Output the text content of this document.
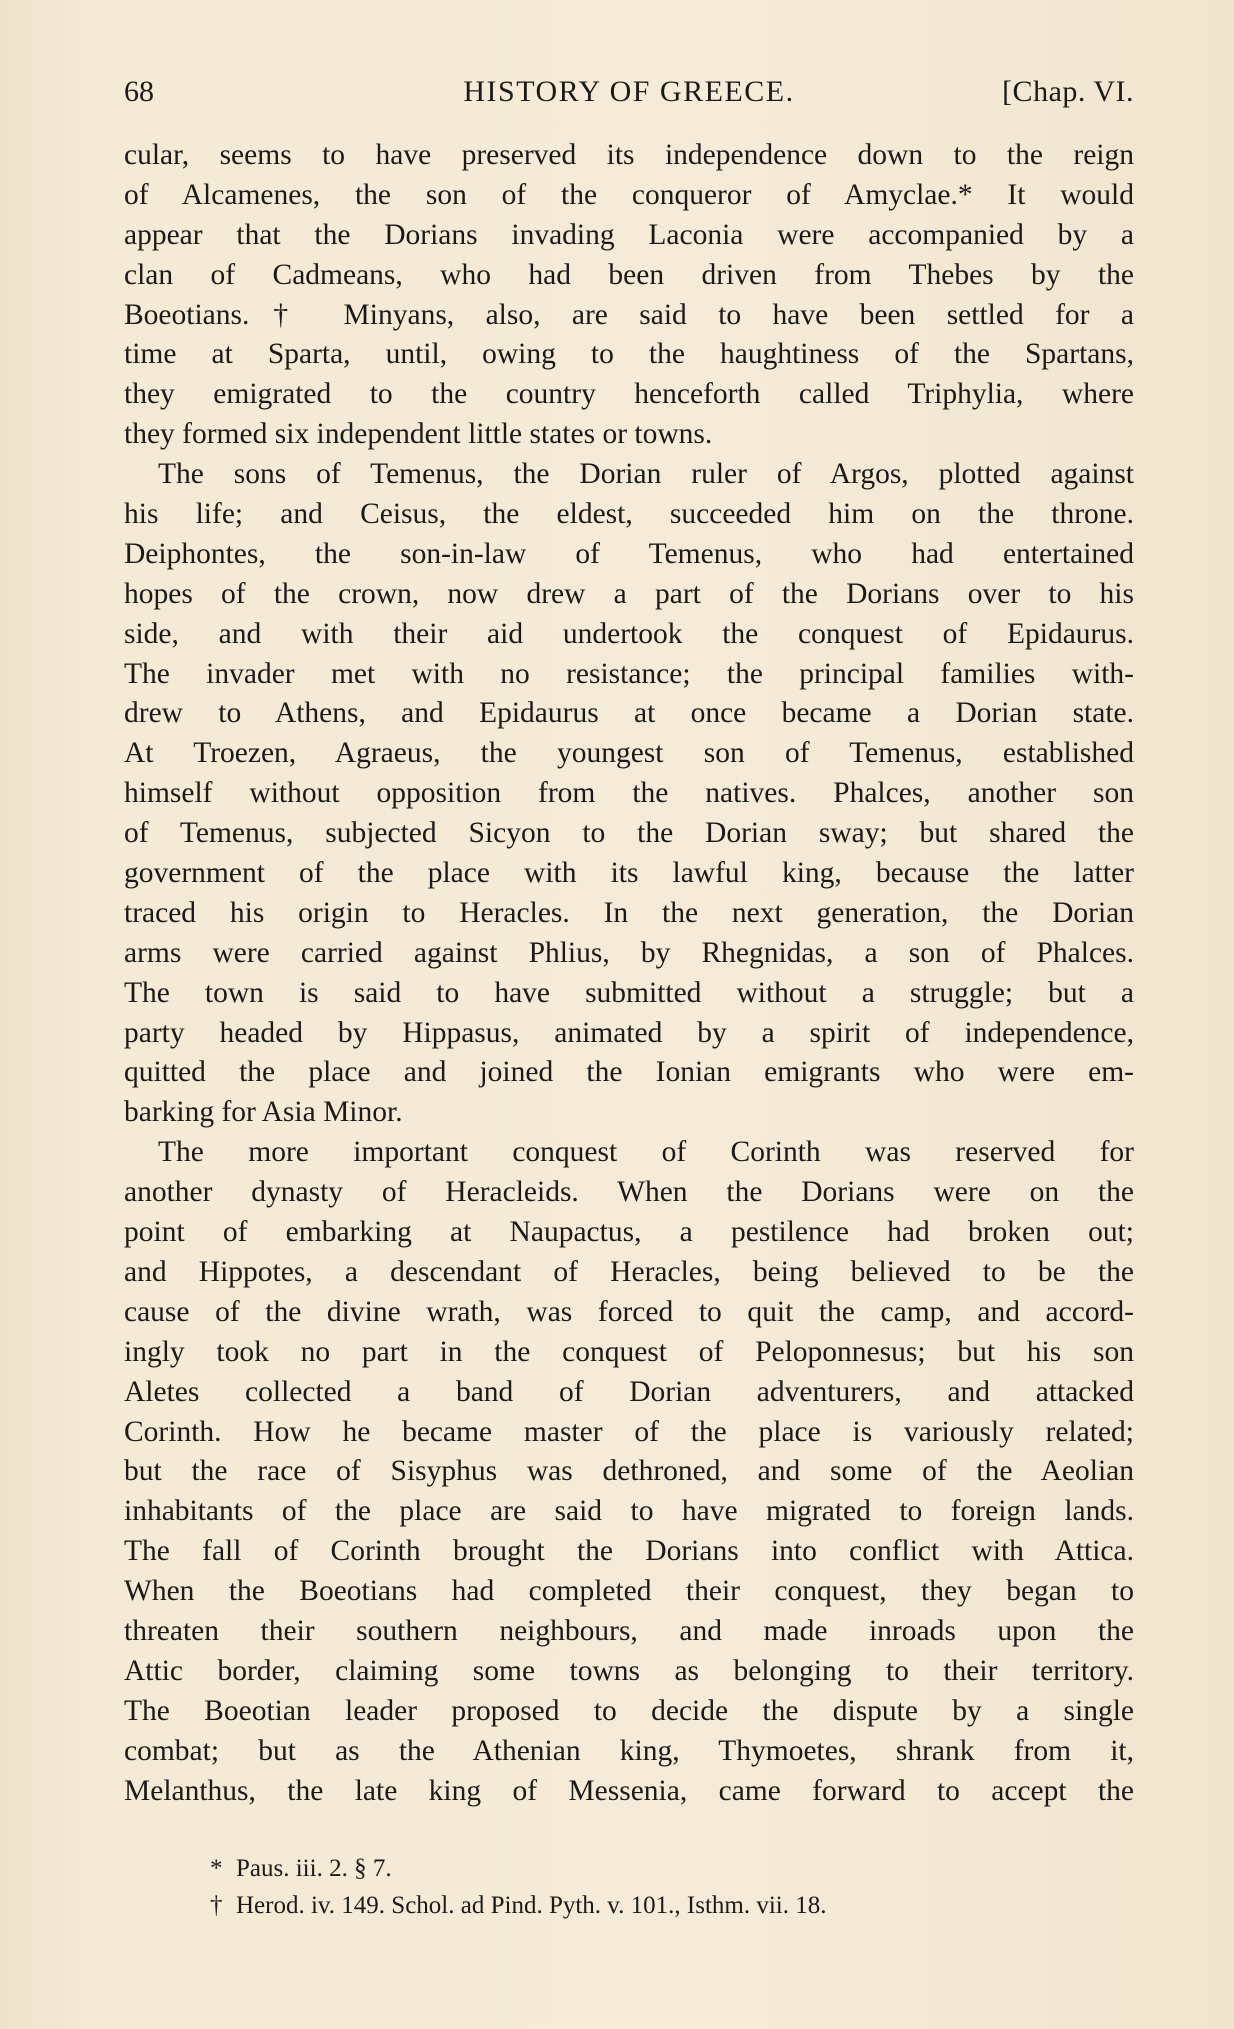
68	HISTORY OF GREECE.	[Chap. VI.
cular, seems to have preserved its independence down to the reign
of Alcamenes, the son of the conqueror of Amyclae.* It would
appear that the Dorians invading Laconia were accompanied by a
clan of Cadmeans, who had been driven from Thebes by the
Boeotians.† Minyans, also, are said to have been settled for a
time at Sparta, until, owing to the haughtiness of the Spartans,
they emigrated to the country henceforth called Triphylia, where
they formed six independent little states or towns.
The sons of Temenus, the Dorian ruler of Argos, plotted against
his life; and Ceisus, the eldest, succeeded him on the throne.
Deiphontes, the son-in-law of Temenus, who had entertained
hopes of the crown, now drew a part of the Dorians over to his
side, and with their aid undertook the conquest of Epidaurus.
The invader met with no resistance; the principal families with-
drew to Athens, and Epidaurus at once became a Dorian state.
At Troezen, Agraeus, the youngest son of Temenus, established
himself without opposition from the natives. Phalces, another son
of Temenus, subjected Sicyon to the Dorian sway; but shared the
government of the place with its lawful king, because the latter
traced his origin to Heracles. In the next generation, the Dorian
arms were carried against Phlius, by Rhegnidas, a son of Phalces.
The town is said to have submitted without a struggle; but a
party headed by Hippasus, animated by a spirit of independence,
quitted the place and joined the Ionian emigrants who were em-
barking for Asia Minor.
The more important conquest of Corinth was reserved for
another dynasty of Heracleids. When the Dorians were on the
point of embarking at Naupactus, a pestilence had broken out;
and Hippotes, a descendant of Heracles, being believed to be the
cause of the divine wrath, was forced to quit the camp, and accord-
ingly took no part in the conquest of Peloponnesus; but his son
Aletes collected a band of Dorian adventurers, and attacked
Corinth. How he became master of the place is variously related;
but the race of Sisyphus was dethroned, and some of the Aeolian
inhabitants of the place are said to have migrated to foreign lands.
The fall of Corinth brought the Dorians into conflict with Attica.
When the Boeotians had completed their conquest, they began to
threaten their southern neighbours, and made inroads upon the
Attic border, claiming some towns as belonging to their territory.
The Boeotian leader proposed to decide the dispute by a single
combat; but as the Athenian king, Thymoetes, shrank from it,
Melanthus, the late king of Messenia, came forward to accept the
* Paus. iii. 2. § 7.
† Herod. iv. 149. Schol. ad Pind. Pyth. v. 101., Isthm. vii. 18.
